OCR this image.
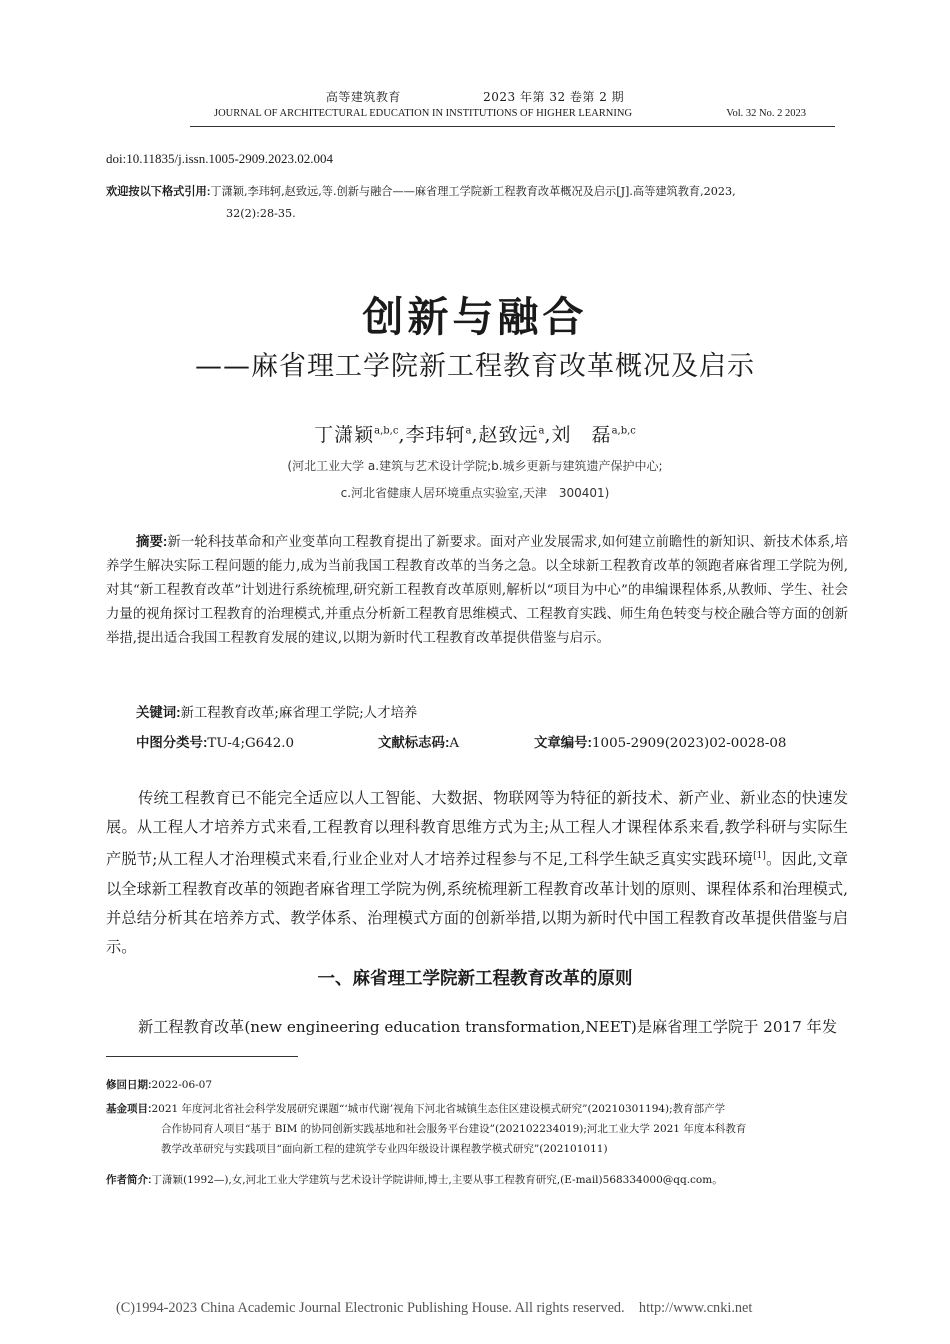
高等建筑教育	2023 年第 32 卷第 2 期
JOURNAL OF ARCHITECTURAL EDUCATION IN INSTITUTIONS OF HIGHER LEARNING	Vol. 32 No. 2 2023
doi:10.11835/j.issn.1005-2909.2023.02.004
欢迎按以下格式引用:丁潇颖,李玮轲,赵致远,等.创新与融合——麻省理工学院新工程教育改革概况及启示[J].高等建筑教育,2023,
32(2):28-35.
创新与融合
——麻省理工学院新工程教育改革概况及启示
丁潇颖$^{a,b,c}$,李玮轲$^a$,赵致远$^a$,刘　磊$^{a,b,c}$
(河北工业大学 a.建筑与艺术设计学院;b.城乡更新与建筑遗产保护中心;
c.河北省健康人居环境重点实验室,天津　300401)

摘要:新一轮科技革命和产业变革向工程教育提出了新要求。面对产业发展需求,如何建立前瞻性的新知识、新技术体系,培养学生解决实际工程问题的能力,成为当前我国工程教育改革的当务之急。以全球新工程教育改革的领跑者麻省理工学院为例,对其“新工程教育改革”计划进行系统梳理,研究新工程教育改革原则,解析以“项目为中心”的串编课程体系,从教师、学生、社会力量的视角探讨工程教育的治理模式,并重点分析新工程教育思维模式、工程教育实践、师生角色转变与校企融合等方面的创新举措,提出适合我国工程教育发展的建议,以期为新时代工程教育改革提供借鉴与启示。

关键词:新工程教育改革;麻省理工学院;人才培养
中图分类号:TU-4;G642.0	文献标志码:A	文章编号:1005-2909(2023)02-0028-08

传统工程教育已不能完全适应以人工智能、大数据、物联网等为特征的新技术、新产业、新业态的快速发展。从工程人才培养方式来看,工程教育以理科教育思维方式为主;从工程人才课程体系来看,教学科研与实际生产脱节;从工程人才治理模式来看,行业企业对人才培养过程参与不足,工科学生缺乏真实实践环境[1]。因此,文章以全球新工程教育改革的领跑者麻省理工学院为例,系统梳理新工程教育改革计划的原则、课程体系和治理模式,并总结分析其在培养方式、教学体系、治理模式方面的创新举措,以期为新时代中国工程教育改革提供借鉴与启示。

一、麻省理工学院新工程教育改革的原则
新工程教育改革(new engineering education transformation,NEET)是麻省理工学院于 2017 年发
修回日期:2022-06-07
基金项目:2021 年度河北省社会科学发展研究课题“‘城市代谢’视角下河北省城镇生态住区建设模式研究”(20210301194);教育部产学
合作协同育人项目“基于 BIM 的协同创新实践基地和社会服务平台建设”(202102234019);河北工业大学 2021 年度本科教育
教学改革研究与实践项目“面向新工程的建筑学专业四年级设计课程教学模式研究”(202101011)
作者简介:丁潇颖(1992—),女,河北工业大学建筑与艺术设计学院讲师,博士,主要从事工程教育研究,(E-mail)568334000@qq.com。
(C)1994-2023 China Academic Journal Electronic Publishing House. All rights reserved.　http://www.cnki.net
